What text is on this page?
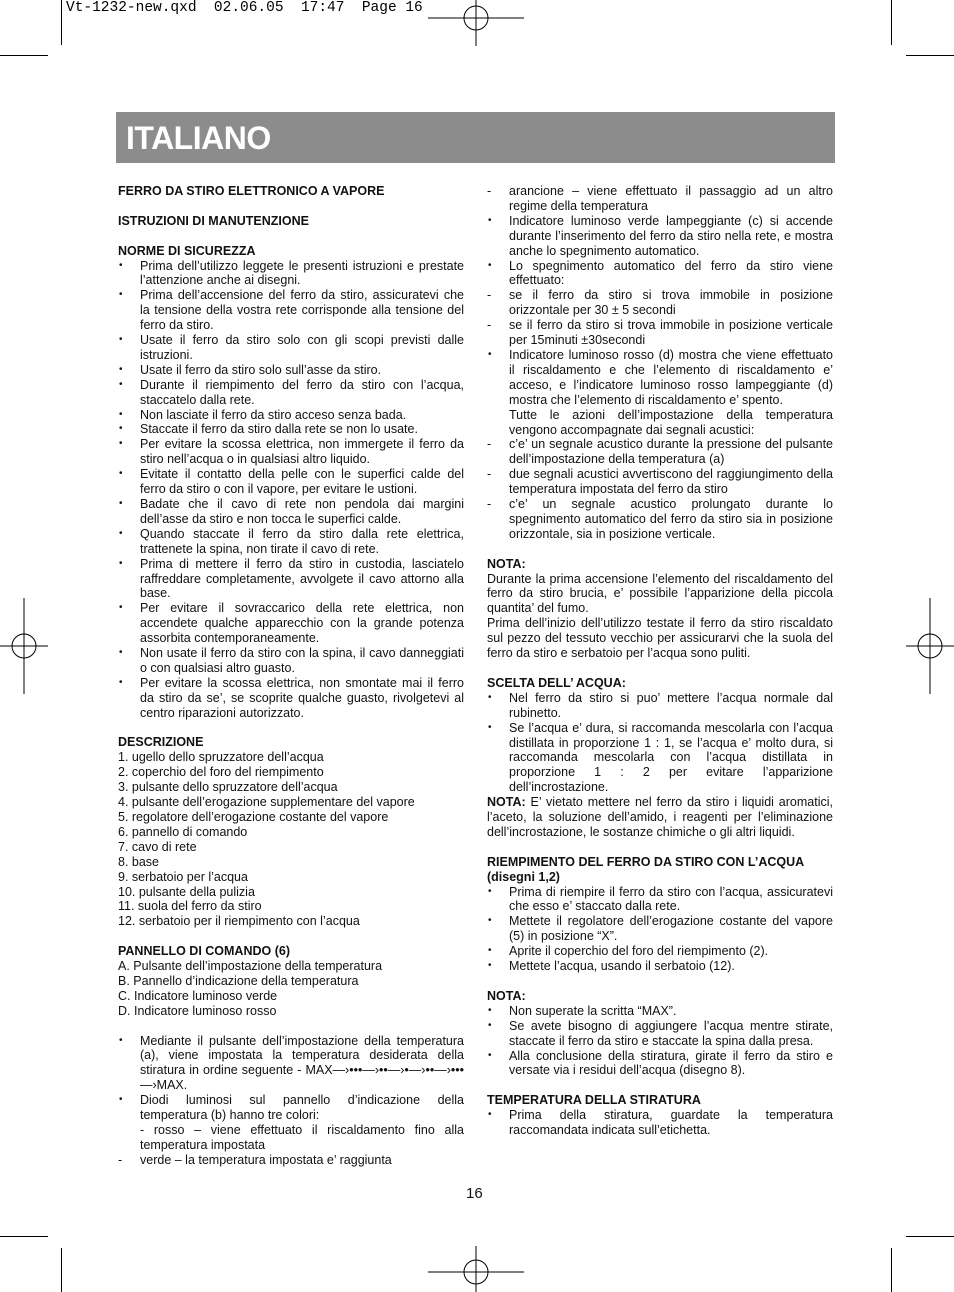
Vt-1232-new.qxd  02.06.05  17:47  Page 16
ITALIANO
FERRO DA STIRO ELETTRONICO A VAPORE
ISTRUZIONI DI MANUTENZIONE
NORME DI SICUREZZA
•	Prima dell’utilizzo leggete le presenti istruzioni e prestate l’attenzione anche ai disegni.
•	Prima dell’accensione del ferro da stiro, assicuratevi che la tensione della vostra rete corrisponde alla tensione del ferro da stiro.
•	Usate il ferro da stiro solo con gli scopi previsti dalle istruzioni.
•	Usate il ferro da stiro solo sull’asse da stiro.
•	Durante il riempimento del ferro da stiro con l’acqua, staccatelo dalla rete.
•	Non lasciate il ferro da stiro acceso senza bada.
•	Staccate il ferro da stiro dalla rete se non lo usate.
•	Per evitare la scossa elettrica, non immergete il ferro da stiro nell’acqua o in qualsiasi altro liquido.
•	Evitate il contatto della pelle con le superfici calde del ferro da stiro o con il vapore, per evitare le ustioni.
•	Badate che il cavo di rete non pendola dai margini dell’asse da stiro e non tocca le superfici calde.
•	Quando staccate il ferro da stiro dalla rete elettrica, trattenete la spina, non tirate il cavo di rete.
•	Prima di mettere il ferro da stiro in custodia, lasciatelo raffreddare completamente, avvolgete il cavo attorno alla base.
•	Per evitare il sovraccarico della rete elettrica, non accendete qualche apparecchio con la grande potenza assorbita contemporaneamente.
•	Non usate il ferro da stiro con la spina, il cavo danneggiati o con qualsiasi altro guasto.
•	Per evitare la scossa elettrica, non smontate mai il ferro da stiro da se’, se scoprite qualche guasto, rivolgetevi al centro riparazioni autorizzato.
DESCRIZIONE
1. ugello dello spruzzatore dell’acqua
2. coperchio del foro del riempimento
3. pulsante dello spruzzatore dell’acqua
4. pulsante dell’erogazione supplementare del vapore
5. regolatore dell’erogazione costante del vapore
6. pannello di comando
7. cavo di rete
8. base
9. serbatoio per l’acqua
10. pulsante della pulizia
11. suola del ferro da stiro
12. serbatoio per il riempimento con l’acqua
PANNELLO DI COMANDO (6)
A. Pulsante dell’impostazione della temperatura
B. Pannello d’indicazione della temperatura
C. Indicatore luminoso verde
D. Indicatore luminoso rosso
•	Mediante il pulsante dell’impostazione della temperatura (a), viene impostata la temperatura desiderata della stiratura in ordine seguente - MAX—›•••—›••—›•—›••—›•••—›MAX.
•	Diodi luminosi sul pannello d’indicazione della temperatura (b) hanno tre colori:
- rosso – viene effettuato il riscaldamento fino alla temperatura impostata
-	verde – la temperatura impostata e’ raggiunta
-	arancione – viene effettuato il passaggio ad un altro regime della temperatura
•	Indicatore luminoso verde lampeggiante (c) si accende durante l’inserimento del ferro da stiro nella rete, e mostra anche lo spegnimento automatico.
•	Lo spegnimento automatico del ferro da stiro viene effettuato:
-	se il ferro da stiro si trova immobile in posizione orizzontale per 30 ± 5 secondi
-	se il ferro da stiro si trova immobile in posizione verticale per 15minuti ±30secondi
•	Indicatore luminoso rosso (d) mostra che viene effettuato il riscaldamento e che l’elemento di riscaldamento e’ acceso, e l’indicatore luminoso rosso lampeggiante (d) mostra che l’elemento di riscaldamento e’ spento.
Tutte le azioni dell’impostazione della temperatura vengono accompagnate dai segnali acustici:
-	c’e’ un segnale acustico durante la pressione del pulsante dell’impostazione della temperatura (a)
-	due segnali acustici avvertiscono del raggiungimento della temperatura impostata del ferro da stiro
-	c’e’ un segnale acustico prolungato durante lo spegnimento automatico del ferro da stiro sia in posizione orizzontale, sia in posizione verticale.
NOTA:
Durante la prima accensione l’elemento del riscaldamento del ferro da stiro brucia, e’ possibile l’apparizione della piccola quantita’ del fumo.
Prima dell’inizio dell’utilizzo testate il ferro da stiro riscaldato sul pezzo del tessuto vecchio per assicurarvi che la suola del ferro da stiro e serbatoio per l’acqua sono puliti.
SCELTA DELL’ ACQUA:
•	Nel ferro da stiro si puo’ mettere l’acqua normale dal rubinetto.
•	Se l’acqua e’ dura, si raccomanda mescolarla con l’acqua distillata in proporzione 1 : 1, se l’acqua e’ molto dura, si raccomanda mescolarla con l’acqua distillata in proporzione 1 : 2 per evitare l’apparizione dell’incrostazione.
NOTA: E’ vietato mettere nel ferro da stiro i liquidi aromatici, l’aceto, la soluzione dell’amido, i reagenti per l’eliminazione dell’incrostazione, le sostanze chimiche o gli altri liquidi.
RIEMPIMENTO DEL FERRO DA STIRO CON L’ACQUA (disegni 1,2)
•	Prima di riempire il ferro da stiro con l’acqua, assicuratevi che esso e’ staccato dalla rete.
•	Mettete il regolatore dell’erogazione costante del vapore (5) in posizione “X”.
•	Aprite il coperchio del foro del riempimento (2).
•	Mettete l’acqua, usando il serbatoio (12).
NOTA:
•	Non superate la scritta “MAX”.
•	Se avete bisogno di aggiungere l’acqua mentre stirate, staccate il ferro da stiro e staccate la spina dalla presa.
•	Alla conclusione della stiratura, girate il ferro da stiro e versate via i residui dell’acqua (disegno 8).
TEMPERATURA DELLA STIRATURA
•	Prima della stiratura, guardate la temperatura raccomandata indicata sull’etichetta.
16
